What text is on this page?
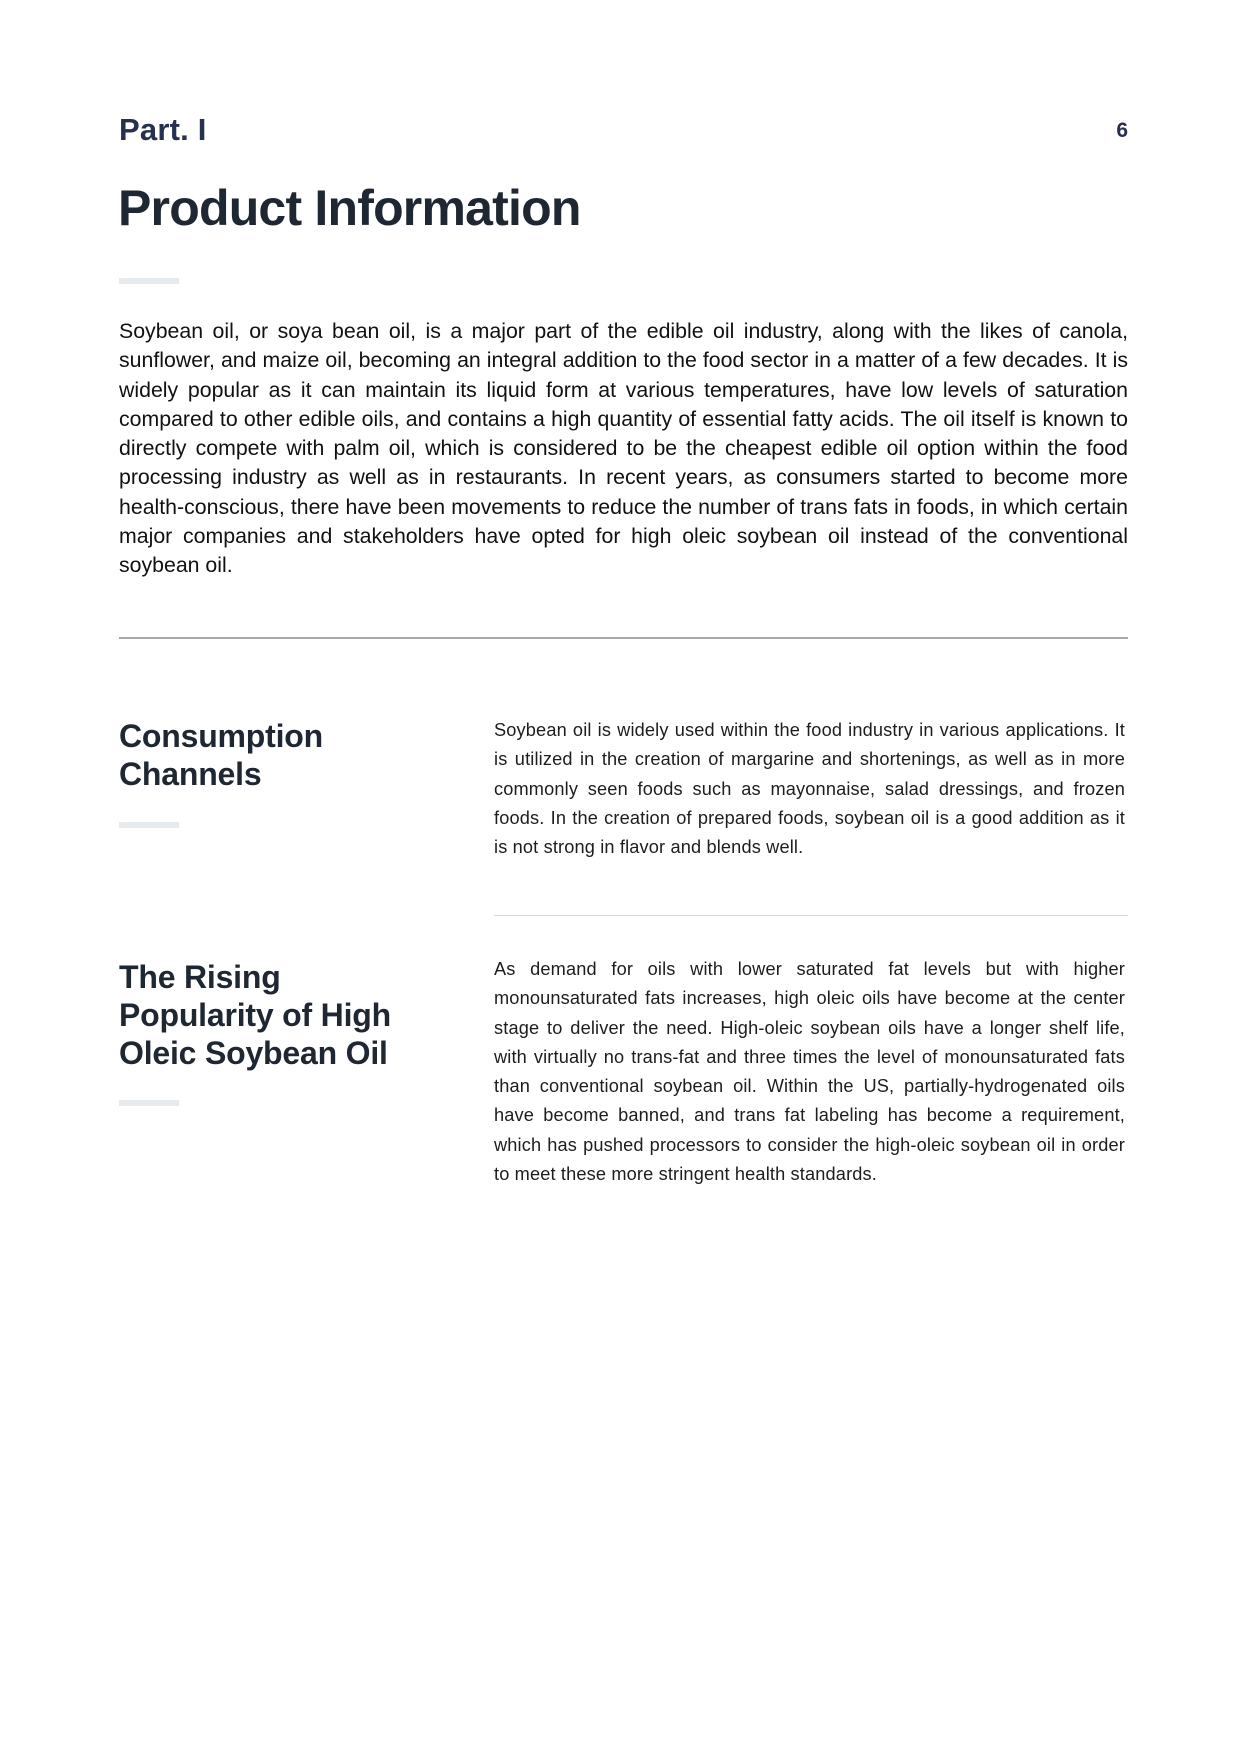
Part. I	6
Product Information

Soybean oil, or soya bean oil, is a major part of the edible oil industry, along with the likes of canola, sunflower, and maize oil, becoming an integral addition to the food sector in a matter of a few decades. It is widely popular as it can maintain its liquid form at various temperatures, have low levels of saturation compared to other edible oils, and contains a high quantity of essential fatty acids. The oil itself is known to directly compete with palm oil, which is considered to be the cheapest edible oil option within the food processing industry as well as in restaurants. In recent years, as consumers started to become more health-conscious, there have been movements to reduce the number of trans fats in foods, in which certain major companies and stakeholders have opted for high oleic soybean oil instead of the conventional soybean oil.

Consumption Channels

Soybean oil is widely used within the food industry in various applications. It is utilized in the creation of margarine and shortenings, as well as in more commonly seen foods such as mayonnaise, salad dressings, and frozen foods. In the creation of prepared foods, soybean oil is a good addition as it is not strong in flavor and blends well.

The Rising Popularity of High Oleic Soybean Oil

As demand for oils with lower saturated fat levels but with higher monounsaturated fats increases, high oleic oils have become at the center stage to deliver the need. High-oleic soybean oils have a longer shelf life, with virtually no trans-fat and three times the level of monounsaturated fats than conventional soybean oil. Within the US, partially-hydrogenated oils have become banned, and trans fat labeling has become a requirement, which has pushed processors to consider the high-oleic soybean oil in order to meet these more stringent health standards.
